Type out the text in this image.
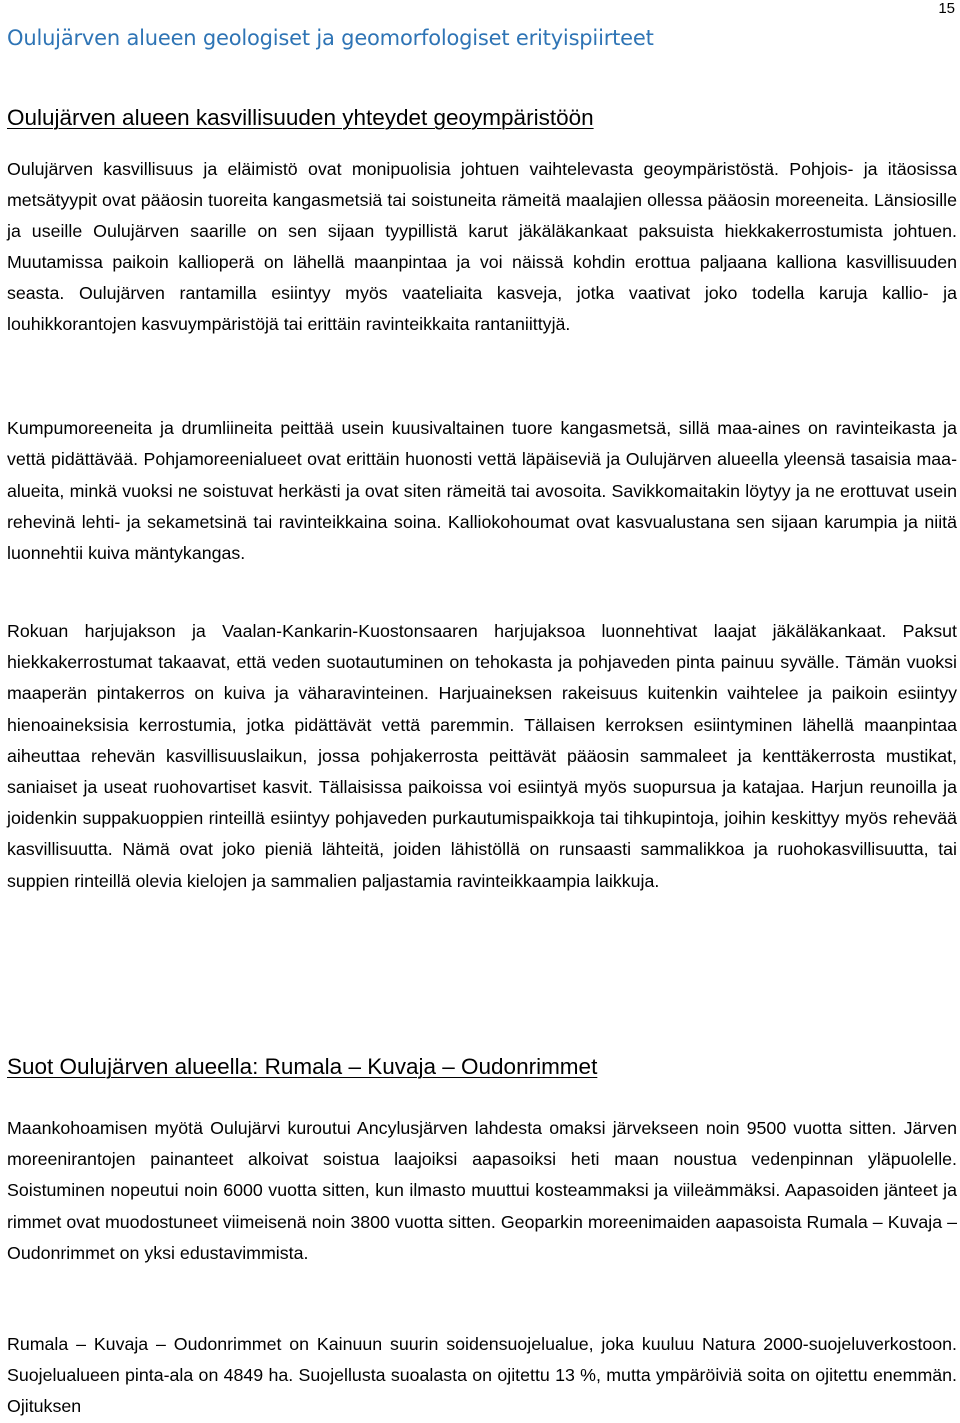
15
Oulujärven alueen geologiset ja geomorfologiset erityispiirteet
Oulujärven alueen kasvillisuuden yhteydet geoympäristöön

Oulujärven kasvillisuus ja eläimistö ovat monipuolisia johtuen vaihtelevasta geoympäristöstä. Pohjois- ja itäosissa metsätyypit ovat pääosin tuoreita kangasmetsiä tai soistuneita rämeitä maalajien ollessa pääosin moreeneita. Länsiosille ja useille Oulujärven saarille on sen sijaan tyypillistä karut jäkäläkankaat paksuista hiekkakerrostumista johtuen. Muutamissa paikoin kallioperä on lähellä maanpintaa ja voi näissä kohdin erottua paljaana kalliona kasvillisuuden seasta. Oulujärven rantamilla esiintyy myös vaateliaita kasveja, jotka vaativat joko todella karuja kallio- ja louhikkorantojen kasvuympäristöjä tai erittäin ravinteikkaita rantaniittyjä.

Kumpumoreeneita ja drumliineita peittää usein kuusivaltainen tuore kangasmetsä, sillä maa-aines on ravinteikasta ja vettä pidättävää. Pohjamoreenialueet ovat erittäin huonosti vettä läpäiseviä ja Oulujärven alueella yleensä tasaisia maa-alueita, minkä vuoksi ne soistuvat herkästi ja ovat siten rämeitä tai avosoita. Savikkomaitakin löytyy ja ne erottuvat usein rehevinä lehti- ja sekametsinä tai ravinteikkaina soina. Kalliokohoumat ovat kasvualustana sen sijaan karumpia ja niitä luonnehtii kuiva mäntykangas.

Rokuan harjujakson ja Vaalan-Kankarin-Kuostonsaaren harjujaksoa luonnehtivat laajat jäkäläkankaat. Paksut hiekkakerrostumat takaavat, että veden suotautuminen on tehokasta ja pohjaveden pinta painuu syvälle. Tämän vuoksi maaperän pintakerros on kuiva ja väharavinteinen. Harjuaineksen rakeisuus kuitenkin vaihtelee ja paikoin esiintyy hienoaineksisia kerrostumia, jotka pidättävät vettä paremmin. Tällaisen kerroksen esiintyminen lähellä maanpintaa aiheuttaa rehevän kasvillisuuslaikun, jossa pohjakerrosta peittävät pääosin sammaleet ja kenttäkerrosta mustikat, saniaiset ja useat ruohovartiset kasvit. Tällaisissa paikoissa voi esiintyä myös suopursua ja katajaa. Harjun reunoilla ja joidenkin suppakuoppien rinteillä esiintyy pohjaveden purkautumispaikkoja tai tihkupintoja, joihin keskittyy myös rehevää kasvillisuutta. Nämä ovat joko pieniä lähteitä, joiden lähistöllä on runsaasti sammalikkoa ja ruohokasvillisuutta, tai suppien rinteillä olevia kielojen ja sammalien paljastamia ravinteikkaampia laikkuja.

Suot Oulujärven alueella: Rumala – Kuvaja – Oudonrimmet

Maankohoamisen myötä Oulujärvi kuroutui Ancylusjärven lahdesta omaksi järvekseen noin 9500 vuotta sitten. Järven moreenirantojen painanteet alkoivat soistua laajoiksi aapasoiksi heti maan noustua vedenpinnan yläpuolelle. Soistuminen nopeutui noin 6000 vuotta sitten, kun ilmasto muuttui kosteammaksi ja viileämmäksi. Aapasoiden jänteet ja rimmet ovat muodostuneet viimeisenä noin 3800 vuotta sitten. Geoparkin moreenimaiden aapasoista Rumala – Kuvaja – Oudonrimmet on yksi edustavimmista.

Rumala – Kuvaja – Oudonrimmet on Kainuun suurin soidensuojelualue, joka kuuluu Natura 2000-suojeluverkostoon. Suojelualueen pinta-ala on 4849 ha. Suojellusta suoalasta on ojitettu 13 %, mutta ympäröiviä soita on ojitettu enemmän. Ojituksen
